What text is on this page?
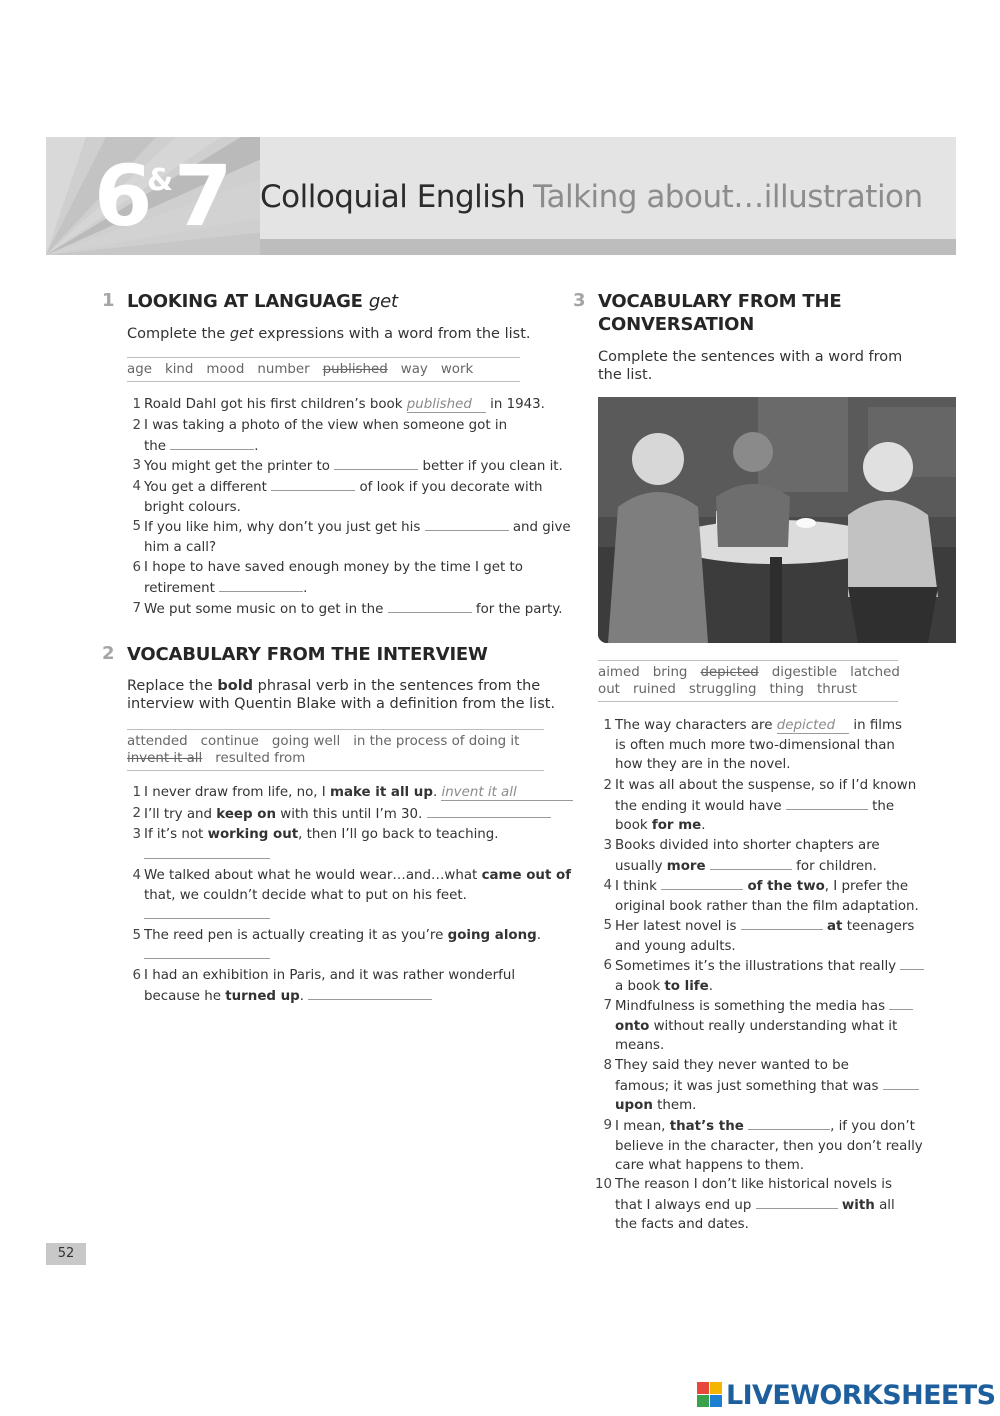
6
& 7 Colloquial English Talking about…illustration
1 LOOKING AT LANGUAGE get
Complete the get expressions with a word from the list.
age kind mood number published way work
1 Roald Dahl got his first children’s book published in 1943.
2 I was taking a photo of the view when someone got in
the	.
3 You might get the printer to	better if you clean it.
4 You get a different	of look if you decorate with
bright colours.
5 If you like him, why don’t you just get his	and give
him a call?
6 I hope to have saved enough money by the time I get to
retirement	.
7 We put some music on to get in the	for the party.
2 VOCABULARY FROM THE INTERVIEW
Replace the bold phrasal verb in the sentences from the
interview with Quentin Blake with a definition from the list.
attended continue going well in the process of doing it
invent it all resulted from
1 I never draw from life, no, I make it all up. invent it all
2 I’ll try and keep on with this until I’m 30.
3 If it’s not working out, then I’ll go back to teaching.
4 We talked about what he would wear…and…what came out of
that, we couldn’t decide what to put on his feet.
5 The reed pen is actually creating it as you’re going along.
6 I had an exhibition in Paris, and it was rather wonderful
because he turned up.
3 VOCABULARY FROM THE
CONVERSATION
Complete the sentences with a word from
the list.
aimed bring depicted digestible latched
out ruined struggling thing thrust
1 The way characters are depicted in films
is often much more two-dimensional than
how they are in the novel.
2 It was all about the suspense, so if I’d known
the ending it would have	the
book for me.
3 Books divided into shorter chapters are
usually more	for children.
4 I think	of the two, I prefer the
original book rather than the film adaptation.
5 Her latest novel is	at teenagers
and young adults.
6 Sometimes it’s the illustrations that really
a book to life.
7 Mindfulness is something the media has
onto without really understanding what it
means.
8 They said they never wanted to be
famous; it was just something that was
upon them.
9 I mean, that’s the	, if you don’t
believe in the character, then you don’t really
care what happens to them.
10 The reason I don’t like historical novels is
that I always end up	with all
the facts and dates.
52
LIVEWORKSHEETS
